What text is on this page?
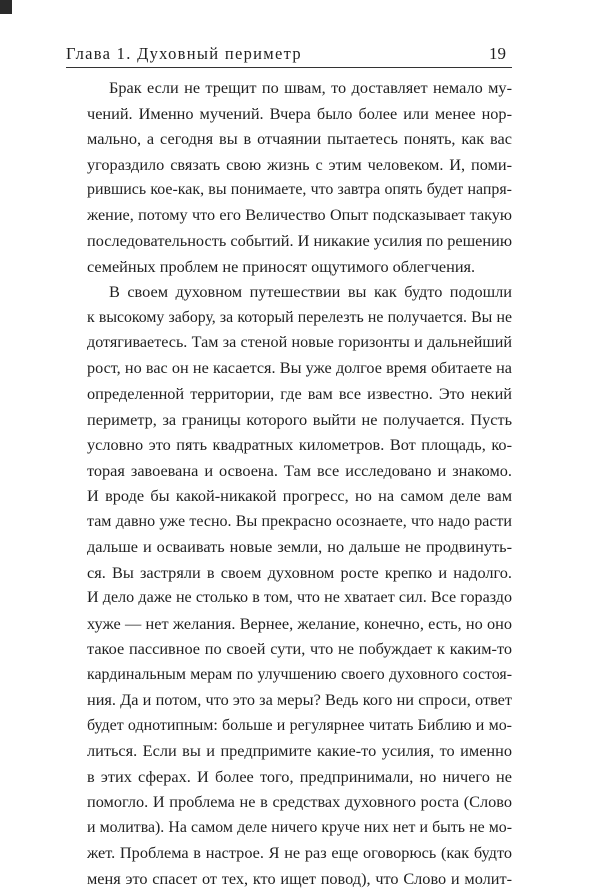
Глава 1. Духовный периметр	19
Брак если не трещит по швам, то доставляет немало му-
чений. Именно мучений. Вчера было более или менее нор-
мально, а сегодня вы в отчаянии пытаетесь понять, как вас
угораздило связать свою жизнь с этим человеком. И, поми-
рившись кое-как, вы понимаете, что завтра опять будет напря-
жение, потому что его Величество Опыт подсказывает такую
последовательность событий. И никакие усилия по решению
семейных проблем не приносят ощутимого облегчения.
В своем духовном путешествии вы как будто подошли
к высокому забору, за который перелезть не получается. Вы не
дотягиваетесь. Там за стеной новые горизонты и дальнейший
рост, но вас он не касается. Вы уже долгое время обитаете на
определенной территории, где вам все известно. Это некий
периметр, за границы которого выйти не получается. Пусть
условно это пять квадратных километров. Вот площадь, ко-
торая завоевана и освоена. Там все исследовано и знакомо.
И вроде бы какой-никакой прогресс, но на самом деле вам
там давно уже тесно. Вы прекрасно осознаете, что надо расти
дальше и осваивать новые земли, но дальше не продвинуть-
ся. Вы застряли в своем духовном росте крепко и надолго.
И дело даже не столько в том, что не хватает сил. Все гораздо
хуже — нет желания. Вернее, желание, конечно, есть, но оно
такое пассивное по своей сути, что не побуждает к каким-то
кардинальным мерам по улучшению своего духовного состоя-
ния. Да и потом, что это за меры? Ведь кого ни спроси, ответ
будет однотипным: больше и регулярнее читать Библию и мо-
литься. Если вы и предпримите какие-то усилия, то именно
в этих сферах. И более того, предпринимали, но ничего не
помогло. И проблема не в средствах духовного роста (Слово
и молитва). На самом деле ничего круче них нет и быть не мо-
жет. Проблема в настрое. Я не раз еще оговорюсь (как будто
меня это спасет от тех, кто ищет повод), что Слово и молит-
